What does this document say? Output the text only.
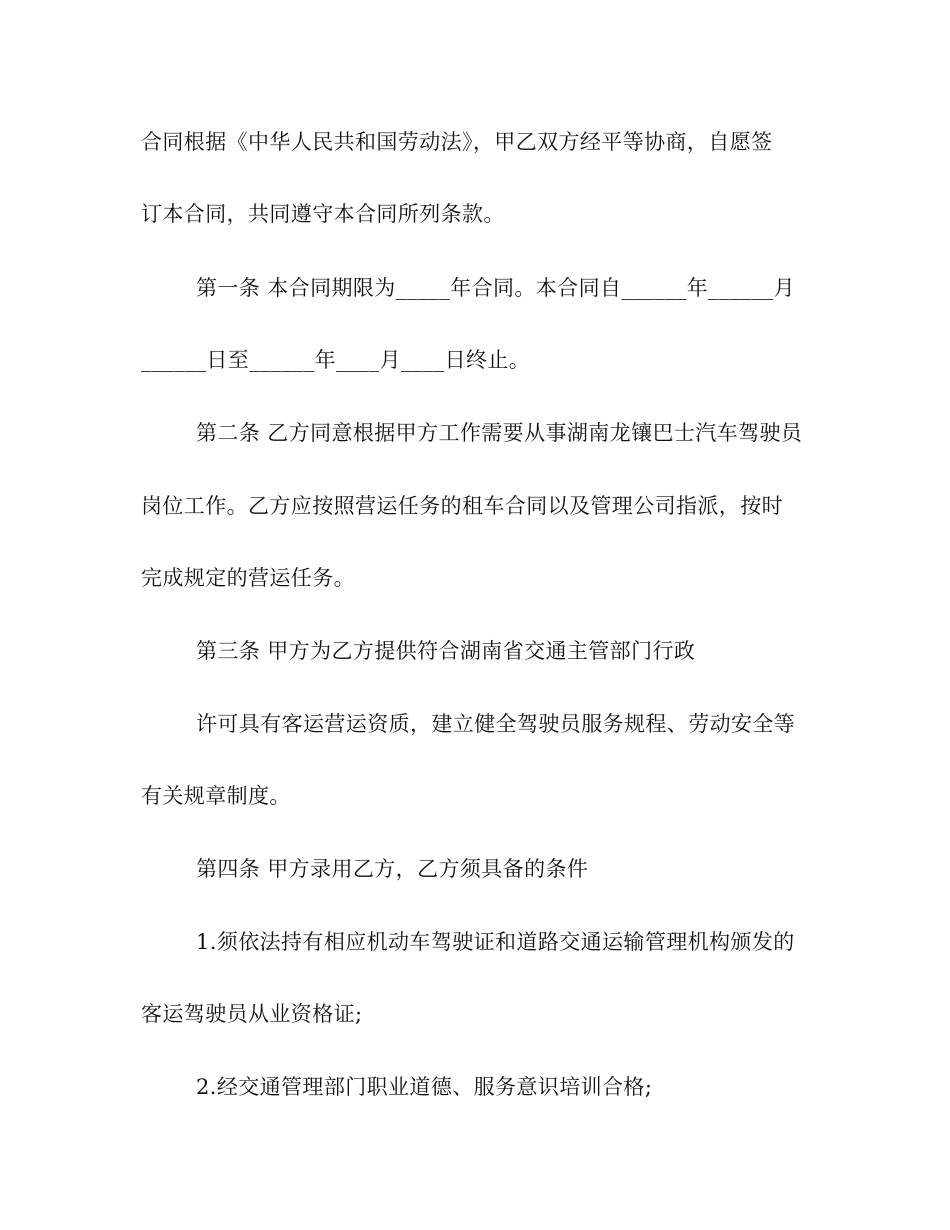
合同根据《中华人民共和国劳动法》，甲乙双方经平等协商，自愿签
订本合同，共同遵守本合同所列条款。
第一条 本合同期限为_____年合同。本合同自______年______月
______日至______年____月____日终止。
第二条 乙方同意根据甲方工作需要从事湖南龙镶巴士汽车驾驶员
岗位工作。乙方应按照营运任务的租车合同以及管理公司指派，按时
完成规定的营运任务。
第三条 甲方为乙方提供符合湖南省交通主管部门行政
许可具有客运营运资质，建立健全驾驶员服务规程、劳动安全等
有关规章制度。
第四条 甲方录用乙方，乙方须具备的条件
1.须依法持有相应机动车驾驶证和道路交通运输管理机构颁发的
客运驾驶员从业资格证;
2.经交通管理部门职业道德、服务意识培训合格;
